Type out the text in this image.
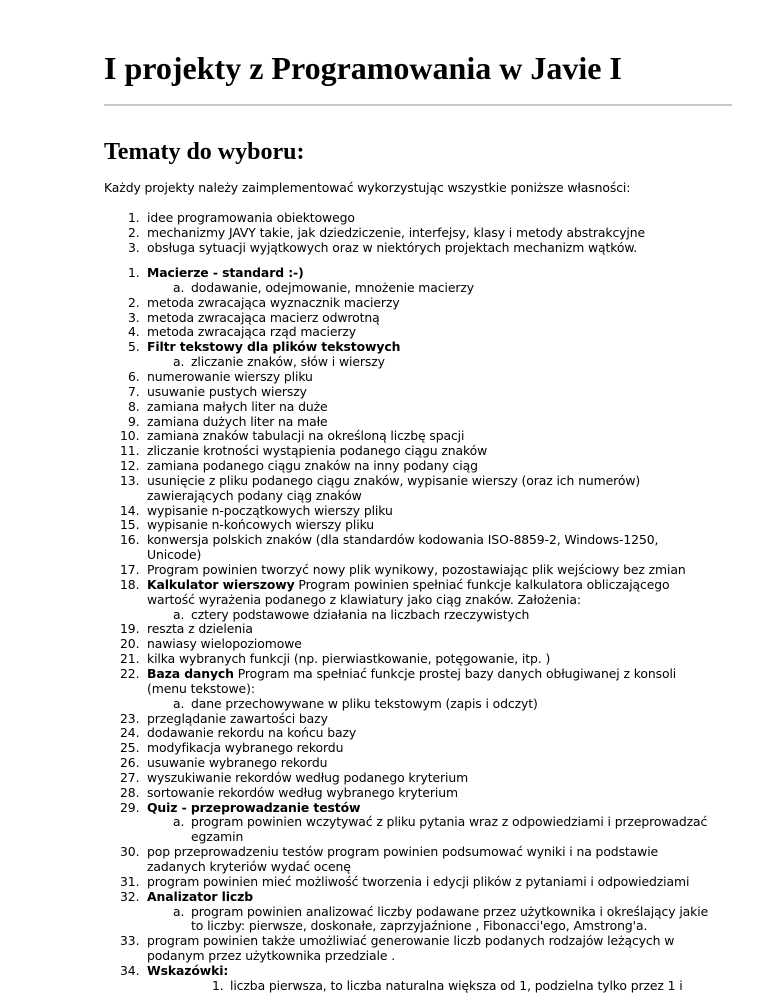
I projekty z Programowania w Javie I
Tematy do wyboru:

Każdy projekty należy zaimplementować wykorzystując wszystkie poniższe własności:

1. idee programowania obiektowego
2. mechanizmy JAVY takie, jak dziedziczenie, interfejsy, klasy i metody abstrakcyjne
3. obsługa sytuacji wyjątkowych oraz w niektórych projektach mechanizm wątków.
1. Macierze - standard :-)
a. dodawanie, odejmowanie, mnożenie macierzy
2. metoda zwracająca wyznacznik macierzy
3. metoda zwracająca macierz odwrotną
4. metoda zwracająca rząd macierzy
5. Filtr tekstowy dla plików tekstowych
a. zliczanie znaków, słów i wierszy
6. numerowanie wierszy pliku
7. usuwanie pustych wierszy
8. zamiana małych liter na duże
9. zamiana dużych liter na małe
10. zamiana znaków tabulacji na określoną liczbę spacji
11. zliczanie krotności wystąpienia podanego ciągu znaków
12. zamiana podanego ciągu znaków na inny podany ciąg
13. usunięcie z pliku podanego ciągu znaków, wypisanie wierszy (oraz ich numerów)
zawierających podany ciąg znaków
14. wypisanie n-początkowych wierszy pliku
15. wypisanie n-końcowych wierszy pliku
16. konwersja polskich znaków (dla standardów kodowania ISO-8859-2, Windows-1250,
Unicode)
17. Program powinien tworzyć nowy plik wynikowy, pozostawiając plik wejściowy bez zmian
18. Kalkulator wierszowy Program powinien spełniać funkcje kalkulatora obliczającego
wartość wyrażenia podanego z klawiatury jako ciąg znaków. Założenia:
a. cztery podstawowe działania na liczbach rzeczywistych
19. reszta z dzielenia
20. nawiasy wielopoziomowe
21. kilka wybranych funkcji (np. pierwiastkowanie, potęgowanie, itp. )
22. Baza danych Program ma spełniać funkcje prostej bazy danych obługiwanej z konsoli
(menu tekstowe):
a. dane przechowywane w pliku tekstowym (zapis i odczyt)
23. przeglądanie zawartości bazy
24. dodawanie rekordu na końcu bazy
25. modyfikacja wybranego rekordu
26. usuwanie wybranego rekordu
27. wyszukiwanie rekordów według podanego kryterium
28. sortowanie rekordów według wybranego kryterium
29. Quiz - przeprowadzanie testów
a. program powinien wczytywać z pliku pytania wraz z odpowiedziami i przeprowadzać
egzamin
30. pop przeprowadzeniu testów program powinien podsumować wyniki i na podstawie
zadanych kryteriów wydać ocenę
31. program powinien mieć możliwość tworzenia i edycji plików z pytaniami i odpowiedziami
32. Analizator liczb
a. program powinien analizować liczby podawane przez użytkownika i określający jakie
to liczby: pierwsze, doskonałe, zaprzyjaźnione , Fibonacci'ego, Amstrong'a.
33. program powinien także umożliwiać generowanie liczb podanych rodzajów leżących w
podanym przez użytkownika przedziale .
34. Wskazówki:
1. liczba pierwsza, to liczba naturalna większa od 1, podzielna tylko przez 1 i
